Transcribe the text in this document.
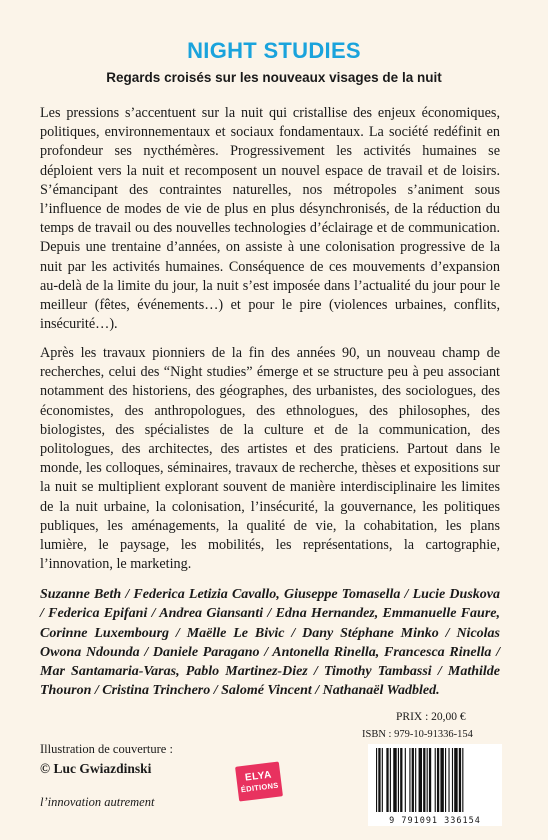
NIGHT STUDIES
Regards croisés sur les nouveaux visages de la nuit
Les pressions s’accentuent sur la nuit qui cristallise des enjeux économiques, politiques, environnementaux et sociaux fondamentaux. La société redéfinit en profondeur ses nycthémères. Progressivement les activités humaines se déploient vers la nuit et recomposent un nouvel espace de travail et de loisirs. S’émancipant des contraintes naturelles, nos métropoles s’animent sous l’influence de modes de vie de plus en plus désynchronisés, de la réduction du temps de travail ou des nouvelles technologies d’éclairage et de communication. Depuis une trentaine d’années, on assiste à une colonisation progressive de la nuit par les activités humaines. Conséquence de ces mouvements d’expansion au-delà de la limite du jour, la nuit s’est imposée dans l’actualité du jour pour le meilleur (fêtes, événements…) et pour le pire (violences urbaines, conflits, insécurité…).
Après les travaux pionniers de la fin des années 90, un nouveau champ de recherches, celui des “Night studies” émerge et se structure peu à peu associant notamment des historiens, des géographes, des urbanistes, des sociologues, des économistes, des anthropologues, des ethnologues, des philosophes, des biologistes, des spécialistes de la culture et de la communication, des politologues, des architectes, des artistes et des praticiens. Partout dans le monde, les colloques, séminaires, travaux de recherche, thèses et expositions sur la nuit se multiplient explorant souvent de manière interdisciplinaire les limites de la nuit urbaine, la colonisation, l’insécurité, la gouvernance, les politiques publiques, les aménagements, la qualité de vie, la cohabitation, les plans lumière, le paysage, les mobilités, les représentations, la cartographie, l’innovation, le marketing.
Suzanne Beth / Federica Letizia Cavallo, Giuseppe Tomasella / Lucie Duskova / Federica Epifani / Andrea Giansanti / Edna Hernandez, Emmanuelle Faure, Corinne Luxembourg / Maëlle Le Bivic / Dany Stéphane Minko / Nicolas Owona Ndounda / Daniele Paragano / Antonella Rinella, Francesca Rinella / Mar Santamaria-Varas, Pablo Martinez-Diez / Timothy Tambassi / Mathilde Thouron / Cristina Trinchero / Salomé Vincent / Nathanaël Wadbled.
PRIX : 20,00 €
ISBN : 979-10-91336-154
Illustration de couverture :
© Luc Gwiazdinski
l’innovation autrement
ELYA
ÉDITIONS
9 791091 336154
